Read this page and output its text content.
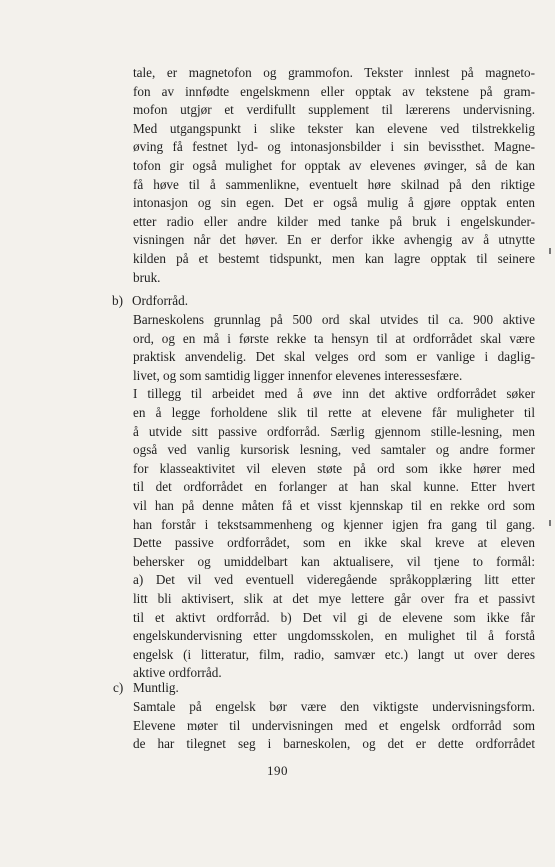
tale, er magnetofon og grammofon. Tekster innlest på magneto-
fon av innfødte engelskmenn eller opptak av tekstene på gram-
mofon utgjør et verdifullt supplement til lærerens undervisning.
Med utgangspunkt i slike tekster kan elevene ved tilstrekkelig
øving få festnet lyd- og intonasjonsbilder i sin bevissthet. Magne-
tofon gir også mulighet for opptak av elevenes øvinger, så de kan
få høve til å sammenlikne, eventuelt høre skilnad på den riktige
intonasjon og sin egen. Det er også mulig å gjøre opptak enten
etter radio eller andre kilder med tanke på bruk i engelskunder-
visningen når det høver. En er derfor ikke avhengig av å utnytte
kilden på et bestemt tidspunkt, men kan lagre opptak til seinere
bruk.
b) Ordforråd.
Barneskolens grunnlag på 500 ord skal utvides til ca. 900 aktive
ord, og en må i første rekke ta hensyn til at ordforrådet skal være
praktisk anvendelig. Det skal velges ord som er vanlige i daglig-
livet, og som samtidig ligger innenfor elevenes interessesfære.
I tillegg til arbeidet med å øve inn det aktive ordforrådet søker
en å legge forholdene slik til rette at elevene får muligheter til
å utvide sitt passive ordforråd. Særlig gjennom stille-lesning, men
også ved vanlig kursorisk lesning, ved samtaler og andre former
for klasseaktivitet vil eleven støte på ord som ikke hører med
til det ordforrådet en forlanger at han skal kunne. Etter hvert
vil han på denne måten få et visst kjennskap til en rekke ord som
han forstår i tekstsammenheng og kjenner igjen fra gang til gang.
Dette passive ordforrådet, som en ikke skal kreve at eleven
behersker og umiddelbart kan aktualisere, vil tjene to formål:
a) Det vil ved eventuell videregående språkopplæring litt etter
litt bli aktivisert, slik at det mye lettere går over fra et passivt
til et aktivt ordforråd. b) Det vil gi de elevene som ikke får
engelskundervisning etter ungdomsskolen, en mulighet til å forstå
engelsk (i litteratur, film, radio, samvær etc.) langt ut over deres
aktive ordforråd.
c) Muntlig.
Samtale på engelsk bør være den viktigste undervisningsform.
Elevene møter til undervisningen med et engelsk ordforråd som
de har tilegnet seg i barneskolen, og det er dette ordforrådet
190
